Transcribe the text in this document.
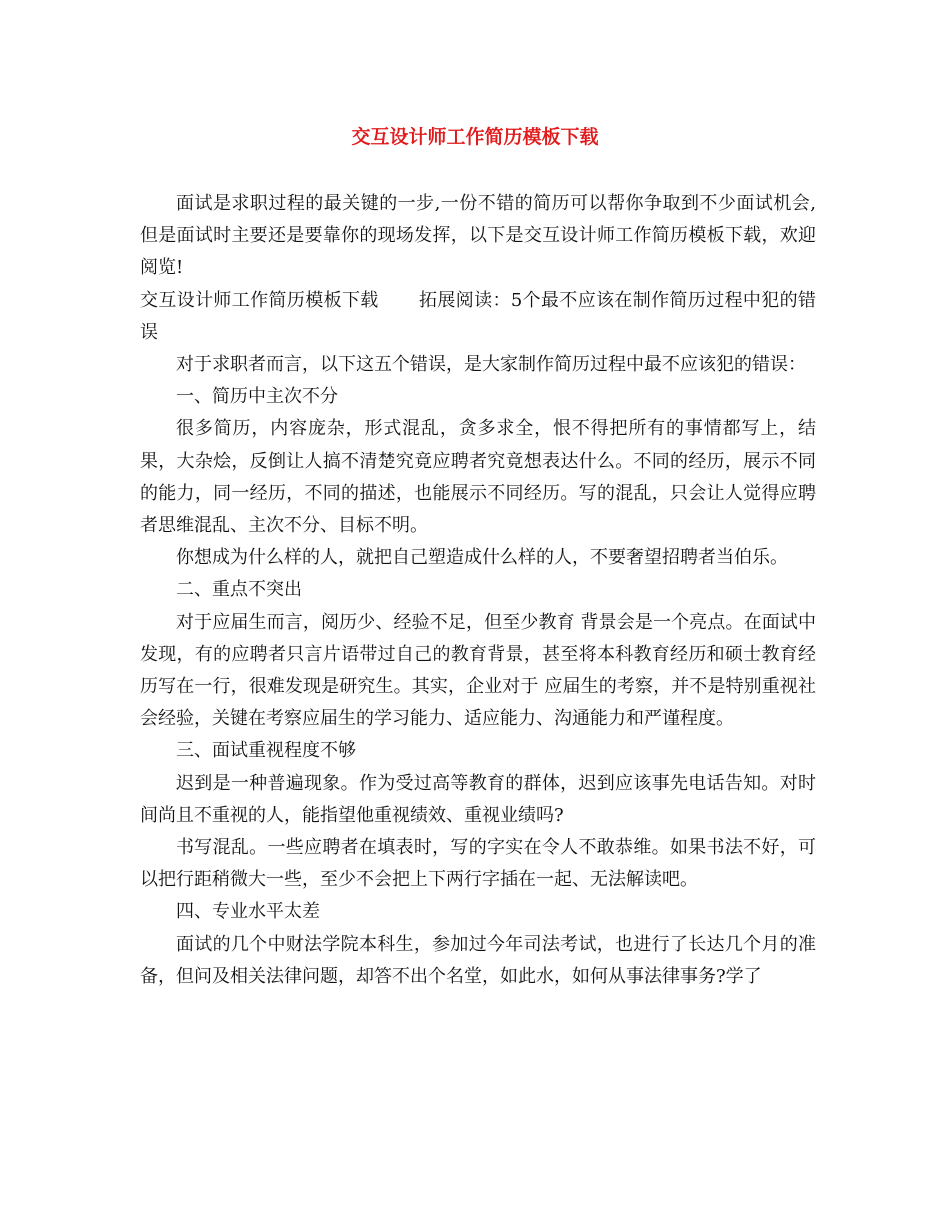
交互设计师工作简历模板下载

面试是求职过程的最关键的一步,一份不错的简历可以帮你争取到不少面试机会,但是面试时主要还是要靠你的现场发挥，以下是交互设计师工作简历模板下载，欢迎阅览!

交互设计师工作简历模板下载 拓展阅读：5个最不应该在制作简历过程中犯的错误

对于求职者而言，以下这五个错误，是大家制作简历过程中最不应该犯的错误：

一、简历中主次不分

很多简历，内容庞杂，形式混乱，贪多求全，恨不得把所有的事情都写上，结果，大杂烩，反倒让人搞不清楚究竟应聘者究竟想表达什么。不同的经历，展示不同的能力，同一经历，不同的描述，也能展示不同经历。写的混乱，只会让人觉得应聘者思维混乱、主次不分、目标不明。

你想成为什么样的人，就把自己塑造成什么样的人，不要奢望招聘者当伯乐。

二、重点不突出

对于应届生而言，阅历少、经验不足，但至少教育 背景会是一个亮点。在面试中发现，有的应聘者只言片语带过自己的教育背景，甚至将本科教育经历和硕士教育经历写在一行，很难发现是研究生。其实，企业对于 应届生的考察，并不是特别重视社会经验，关键在考察应届生的学习能力、适应能力、沟通能力和严谨程度。

三、面试重视程度不够

迟到是一种普遍现象。作为受过高等教育的群体，迟到应该事先电话告知。对时间尚且不重视的人，能指望他重视绩效、重视业绩吗?

书写混乱。一些应聘者在填表时，写的字实在令人不敢恭维。如果书法不好，可以把行距稍微大一些，至少不会把上下两行字插在一起、无法解读吧。

四、专业水平太差

面试的几个中财法学院本科生，参加过今年司法考试，也进行了长达几个月的准备，但问及相关法律问题，却答不出个名堂，如此水，如何从事法律事务?学了
